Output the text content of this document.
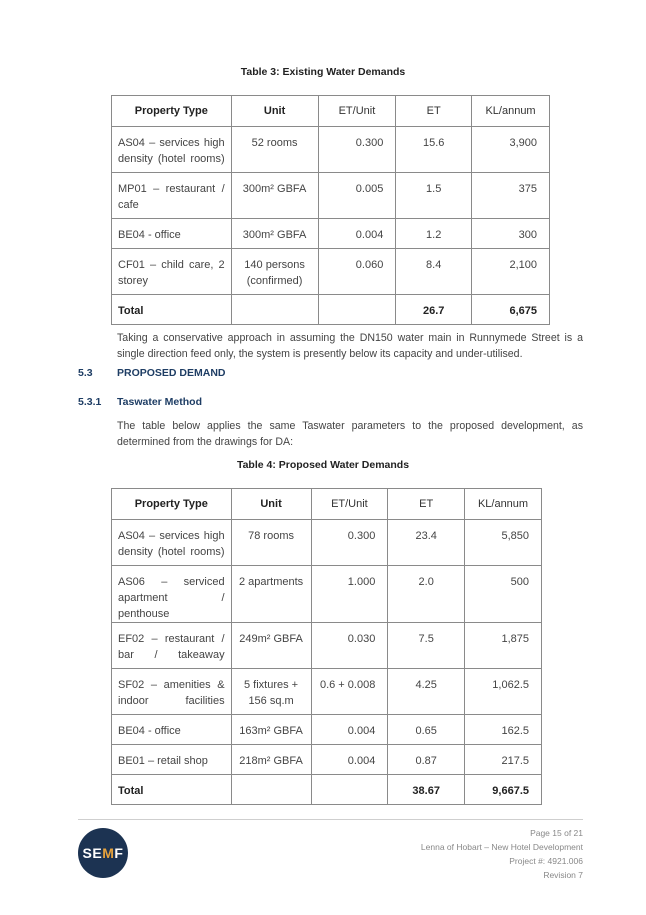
Table 3: Existing Water Demands
Property Type	Unit	ET/Unit	ET	KL/annum
AS04 – services high density (hotel rooms)	52 rooms	0.300	15.6	3,900
MP01 – restaurant / cafe	300m² GBFA	0.005	1.5	375
BE04 - office	300m² GBFA	0.004	1.2	300
CF01 – child care, 2 storey	140 persons (confirmed)	0.060	8.4	2,100
Total			26.7	6,675
Taking a conservative approach in assuming the DN150 water main in Runnymede Street is a single direction feed only, the system is presently below its capacity and under-utilised.
5.3 PROPOSED DEMAND
5.3.1 Taswater Method
The table below applies the same Taswater parameters to the proposed development, as determined from the drawings for DA:
Table 4: Proposed Water Demands
Property Type	Unit	ET/Unit	ET	KL/annum
AS04 – services high density (hotel rooms)	78 rooms	0.300	23.4	5,850
AS06 – serviced apartment / penthouse	2 apartments	1.000	2.0	500
EF02 – restaurant / bar / takeaway	249m² GBFA	0.030	7.5	1,875
SF02 – amenities & indoor facilities	5 fixtures + 156 sq.m	0.6 + 0.008	4.25	1,062.5
BE04 - office	163m² GBFA	0.004	0.65	162.5
BE01 – retail shop	218m² GBFA	0.004	0.87	217.5
Total			38.67	9,667.5
SEMF
Page 15 of 21
Lenna of Hobart – New Hotel Development
Project #: 4921.006
Revision 7
